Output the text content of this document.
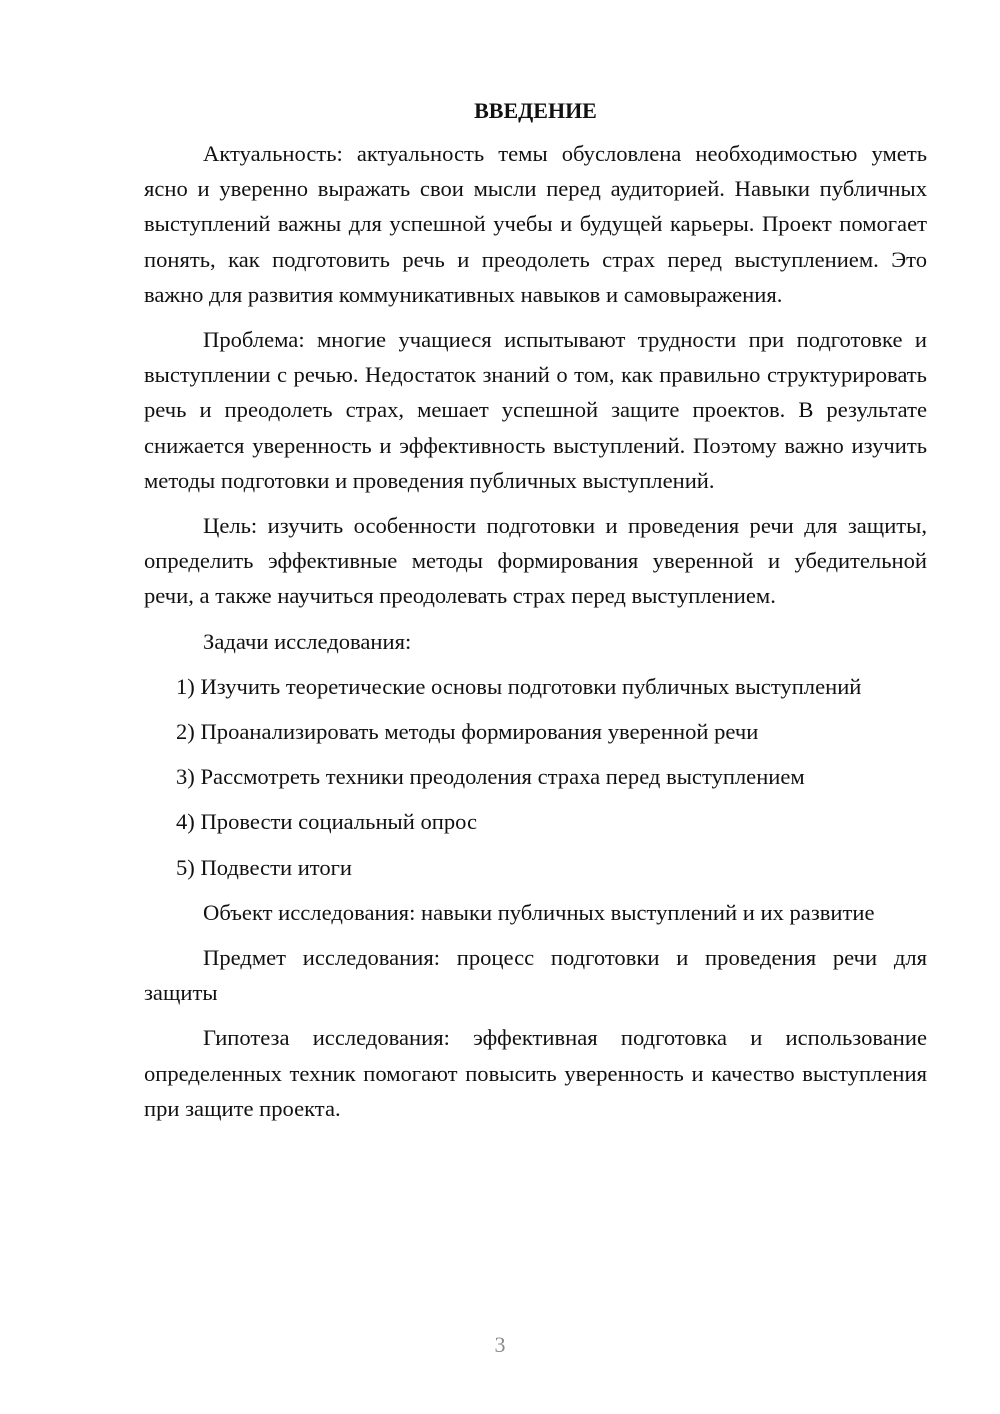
ВВЕДЕНИЕ

Актуальность: актуальность темы обусловлена необходимостью уметь ясно и уверенно выражать свои мысли перед аудиторией. Навыки публичных выступлений важны для успешной учебы и будущей карьеры. Проект помогает понять, как подготовить речь и преодолеть страх перед выступлением. Это важно для развития коммуникативных навыков и самовыражения.

Проблема: многие учащиеся испытывают трудности при подготовке и выступлении с речью. Недостаток знаний о том, как правильно структурировать речь и преодолеть страх, мешает успешной защите проектов. В результате снижается уверенность и эффективность выступлений. Поэтому важно изучить методы подготовки и проведения публичных выступлений.

Цель: изучить особенности подготовки и проведения речи для защиты, определить эффективные методы формирования уверенной и убедительной речи, а также научиться преодолевать страх перед выступлением.

Задачи исследования:

1) Изучить теоретические основы подготовки публичных выступлений

2) Проанализировать методы формирования уверенной речи

3) Рассмотреть техники преодоления страха перед выступлением

4) Провести социальный опрос

5) Подвести итоги

Объект исследования: навыки публичных выступлений и их развитие

Предмет исследования: процесс подготовки и проведения речи для защиты

Гипотеза исследования: эффективная подготовка и использование определенных техник помогают повысить уверенность и качество выступления при защите проекта.

3
